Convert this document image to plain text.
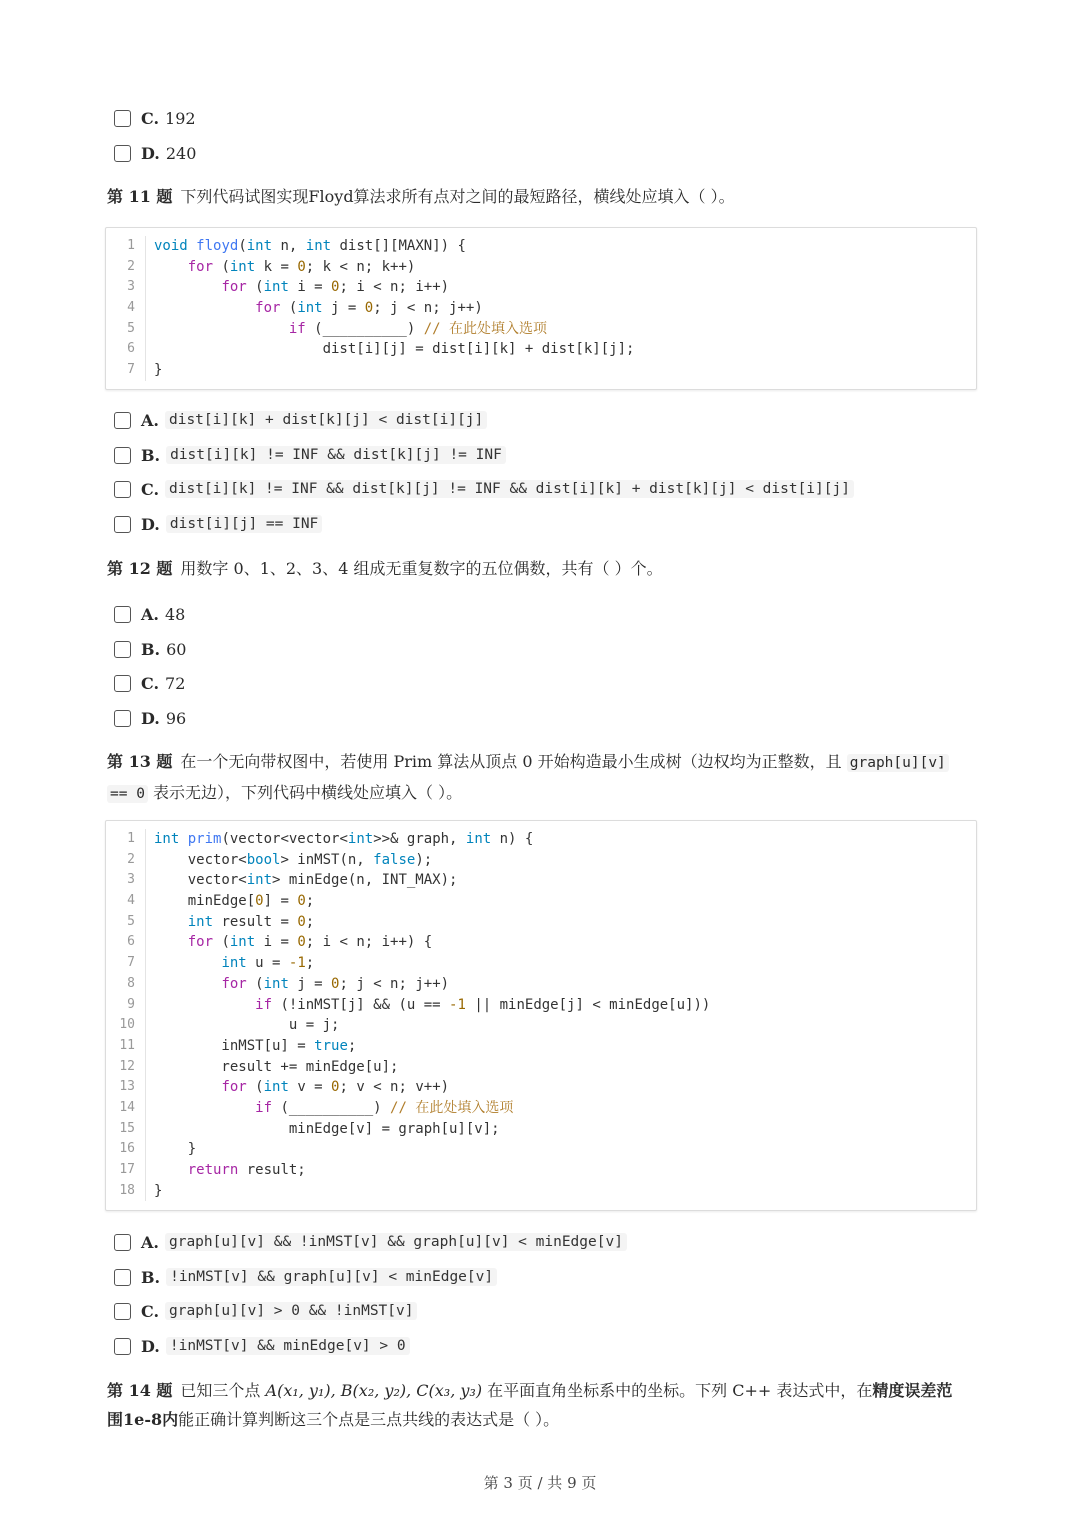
C. 192
D. 240
第 11 题 下列代码试图实现Floyd算法求所有点对之间的最短路径，横线处应填入（ ）。
1	void floyd(int n, int dist[][MAXN]) {
2	for (int k = 0; k < n; k++)
3	for (int i = 0; i < n; i++)
4	for (int j = 0; j < n; j++)
5	if (__________) // 在此处填入选项
6	dist[i][j] = dist[i][k] + dist[k][j];
7	}
A. dist[i][k] + dist[k][j] < dist[i][j]
B. dist[i][k] != INF && dist[k][j] != INF
C. dist[i][k] != INF && dist[k][j] != INF && dist[i][k] + dist[k][j] < dist[i][j]
D. dist[i][j] == INF
第 12 题 用数字 0、1、2、3、4 组成无重复数字的五位偶数，共有（ ）个。
A. 48
B. 60
C. 72
D. 96
第 13 题 在一个无向带权图中，若使用 Prim 算法从顶点 0 开始构造最小生成树（边权均为正整数，且 graph[u][v]
== 0 表示无边），下列代码中横线处应填入（ ）。
1	int prim(vector<vector<int>>& graph, int n) {
2	vector<bool> inMST(n, false);
3	vector<int> minEdge(n, INT_MAX);
4	minEdge[0] = 0;
5	int result = 0;
6	for (int i = 0; i < n; i++) {
7	int u = -1;
8	for (int j = 0; j < n; j++)
9	if (!inMST[j] && (u == -1 || minEdge[j] < minEdge[u]))
10	u = j;
11	inMST[u] = true;
12	result += minEdge[u];
13	for (int v = 0; v < n; v++)
14	if (__________) // 在此处填入选项
15	minEdge[v] = graph[u][v];
16	}
17	return result;
18	}
A. graph[u][v] && !inMST[v] && graph[u][v] < minEdge[v]
B. !inMST[v] && graph[u][v] < minEdge[v]
C. graph[u][v] > 0 && !inMST[v]
D. !inMST[v] && minEdge[v] > 0
第 14 题 已知三个点 A(x₁, y₁), B(x₂, y₂), C(x₃, y₃) 在平面直角坐标系中的坐标。下列 C++ 表达式中，在精度误差范
围1e-8内能正确计算判断这三个点是三点共线的表达式是（ ）。
第 3 页 / 共 9 页
